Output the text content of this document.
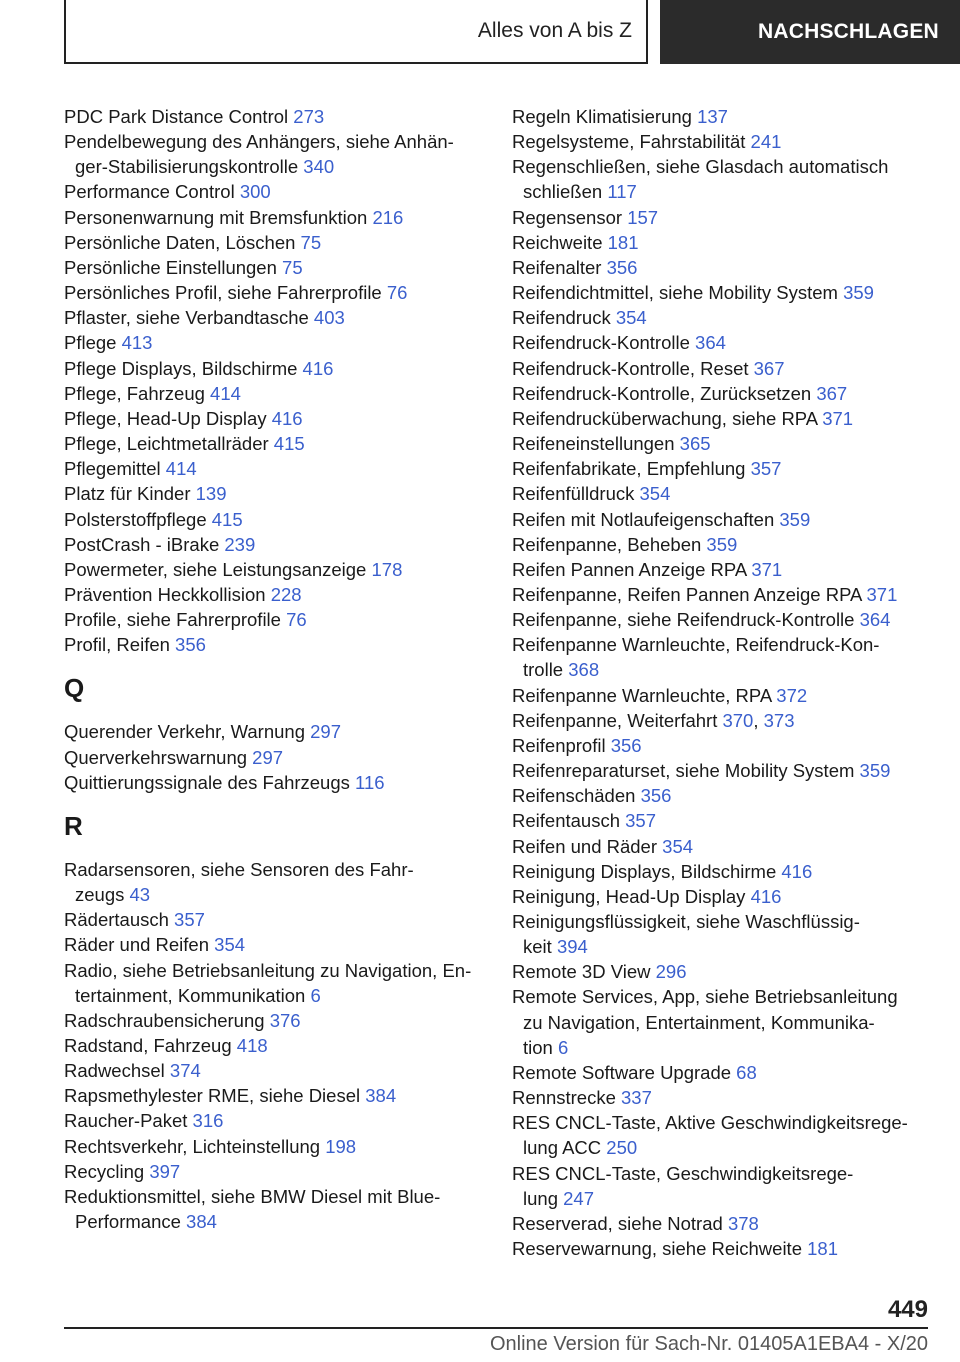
Alles von A bis Z	NACHSCHLAGEN
PDC Park Distance Control 273
Pendelbewegung des Anhängers, siehe Anhän-
ger-Stabilisierungskontrolle 340
Performance Control 300
Personenwarnung mit Bremsfunktion 216
Persönliche Daten, Löschen 75
Persönliche Einstellungen 75
Persönliches Profil, siehe Fahrerprofile 76
Pflaster, siehe Verbandtasche 403
Pflege 413
Pflege Displays, Bildschirme 416
Pflege, Fahrzeug 414
Pflege, Head-Up Display 416
Pflege, Leichtmetallräder 415
Pflegemittel 414
Platz für Kinder 139
Polsterstoffpflege 415
PostCrash - iBrake 239
Powermeter, siehe Leistungsanzeige 178
Prävention Heckkollision 228
Profile, siehe Fahrerprofile 76
Profil, Reifen 356
Q
Querender Verkehr, Warnung 297
Querverkehrswarnung 297
Quittierungssignale des Fahrzeugs 116
R
Radarsensoren, siehe Sensoren des Fahr-
zeugs 43
Rädertausch 357
Räder und Reifen 354
Radio, siehe Betriebsanleitung zu Navigation, En-
tertainment, Kommunikation 6
Radschraubensicherung 376
Radstand, Fahrzeug 418
Radwechsel 374
Rapsmethylester RME, siehe Diesel 384
Raucher-Paket 316
Rechtsverkehr, Lichteinstellung 198
Recycling 397
Reduktionsmittel, siehe BMW Diesel mit Blue-
Performance 384
Regeln Klimatisierung 137
Regelsysteme, Fahrstabilität 241
Regenschließen, siehe Glasdach automatisch
schließen 117
Regensensor 157
Reichweite 181
Reifenalter 356
Reifendichtmittel, siehe Mobility System 359
Reifendruck 354
Reifendruck-Kontrolle 364
Reifendruck-Kontrolle, Reset 367
Reifendruck-Kontrolle, Zurücksetzen 367
Reifendrucküberwachung, siehe RPA 371
Reifeneinstellungen 365
Reifenfabrikate, Empfehlung 357
Reifenfülldruck 354
Reifen mit Notlaufeigenschaften 359
Reifenpanne, Beheben 359
Reifen Pannen Anzeige RPA 371
Reifenpanne, Reifen Pannen Anzeige RPA 371
Reifenpanne, siehe Reifendruck-Kontrolle 364
Reifenpanne Warnleuchte, Reifendruck-Kon-
trolle 368
Reifenpanne Warnleuchte, RPA 372
Reifenpanne, Weiterfahrt 370, 373
Reifenprofil 356
Reifenreparaturset, siehe Mobility System 359
Reifenschäden 356
Reifentausch 357
Reifen und Räder 354
Reinigung Displays, Bildschirme 416
Reinigung, Head-Up Display 416
Reinigungsflüssigkeit, siehe Waschflüssig-
keit 394
Remote 3D View 296
Remote Services, App, siehe Betriebsanleitung
zu Navigation, Entertainment, Kommunika-
tion 6
Remote Software Upgrade 68
Rennstrecke 337
RES CNCL-Taste, Aktive Geschwindigkeitsrege-
lung ACC 250
RES CNCL-Taste, Geschwindigkeitsrege-
lung 247
Reserverad, siehe Notrad 378
Reservewarnung, siehe Reichweite 181
449
Online Version für Sach-Nr. 01405A1EBA4 - X/20
